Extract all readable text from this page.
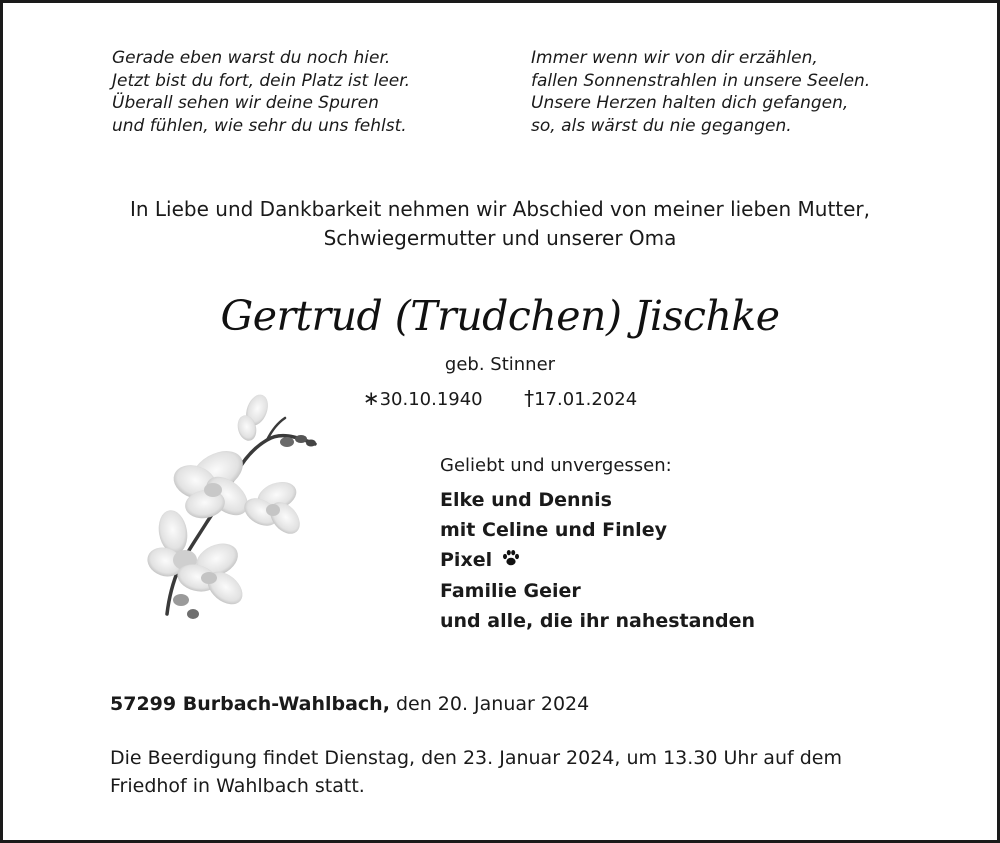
Gerade eben warst du noch hier.
Jetzt bist du fort, dein Platz ist leer.
Überall sehen wir deine Spuren
und fühlen, wie sehr du uns fehlst.
Immer wenn wir von dir erzählen,
fallen Sonnenstrahlen in unsere Seelen.
Unsere Herzen halten dich gefangen,
so, als wärst du nie gegangen.
In Liebe und Dankbarkeit nehmen wir Abschied von meiner lieben Mutter,
Schwiegermutter und unserer Oma
Gertrud (Trudchen) Jischke
geb. Stinner
∗30.10.1940 †17.01.2024
Geliebt und unvergessen:
Elke und Dennis
mit Celine und Finley
Pixel
Familie Geier
und alle, die ihr nahestanden
57299 Burbach-Wahlbach, den 20. Januar 2024
Die Beerdigung findet Dienstag, den 23. Januar 2024, um 13.30 Uhr auf dem
Friedhof in Wahlbach statt.
